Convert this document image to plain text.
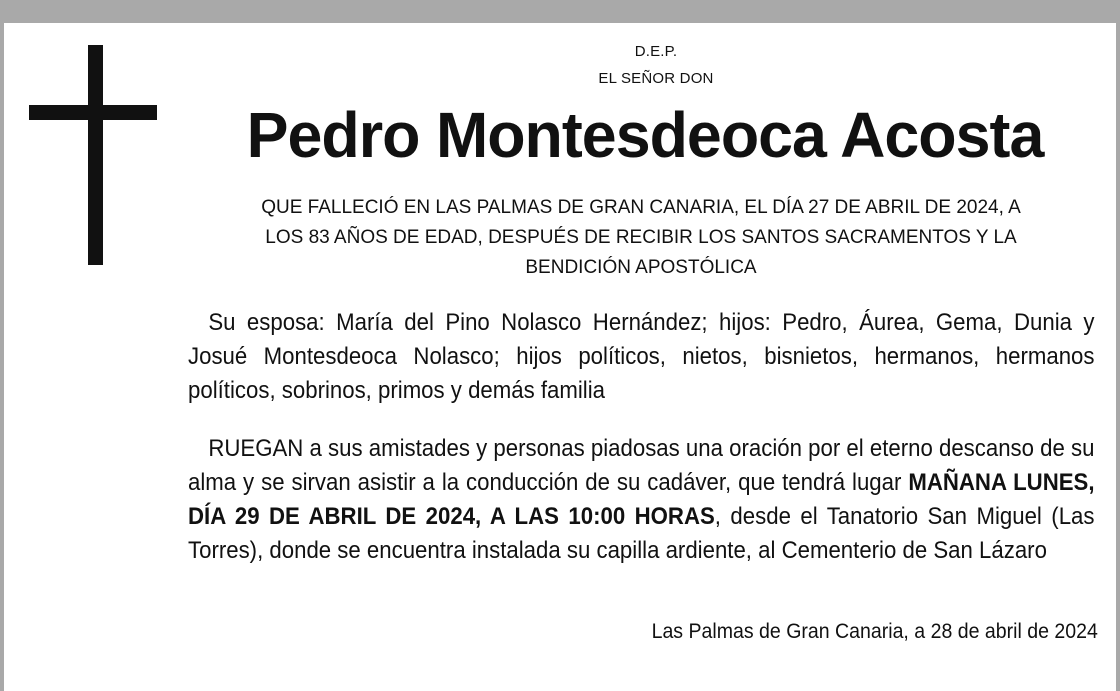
D.E.P.
EL SEÑOR DON
Pedro Montesdeoca Acosta
QUE FALLECIÓ EN LAS PALMAS DE GRAN CANARIA, EL DÍA 27 DE ABRIL DE 2024, A
LOS 83 AÑOS DE EDAD, DESPUÉS DE RECIBIR LOS SANTOS SACRAMENTOS Y LA
BENDICIÓN APOSTÓLICA
Su esposa: María del Pino Nolasco Hernández; hijos: Pedro, Áurea, Gema, Dunia y Josué Montesdeoca Nolasco; hijos políticos, nietos, bisnietos, hermanos, hermanos políticos, sobrinos, primos y demás familia
RUEGAN a sus amistades y personas piadosas una oración por el eterno descanso de su alma y se sirvan asistir a la conducción de su cadáver, que tendrá lugar MAÑANA LUNES, DÍA 29 DE ABRIL DE 2024, A LAS 10:00 HORAS, desde el Tanatorio San Miguel (Las Torres), donde se encuentra instalada su capilla ardiente, al Cementerio de San Lázaro
Las Palmas de Gran Canaria, a 28 de abril de 2024
